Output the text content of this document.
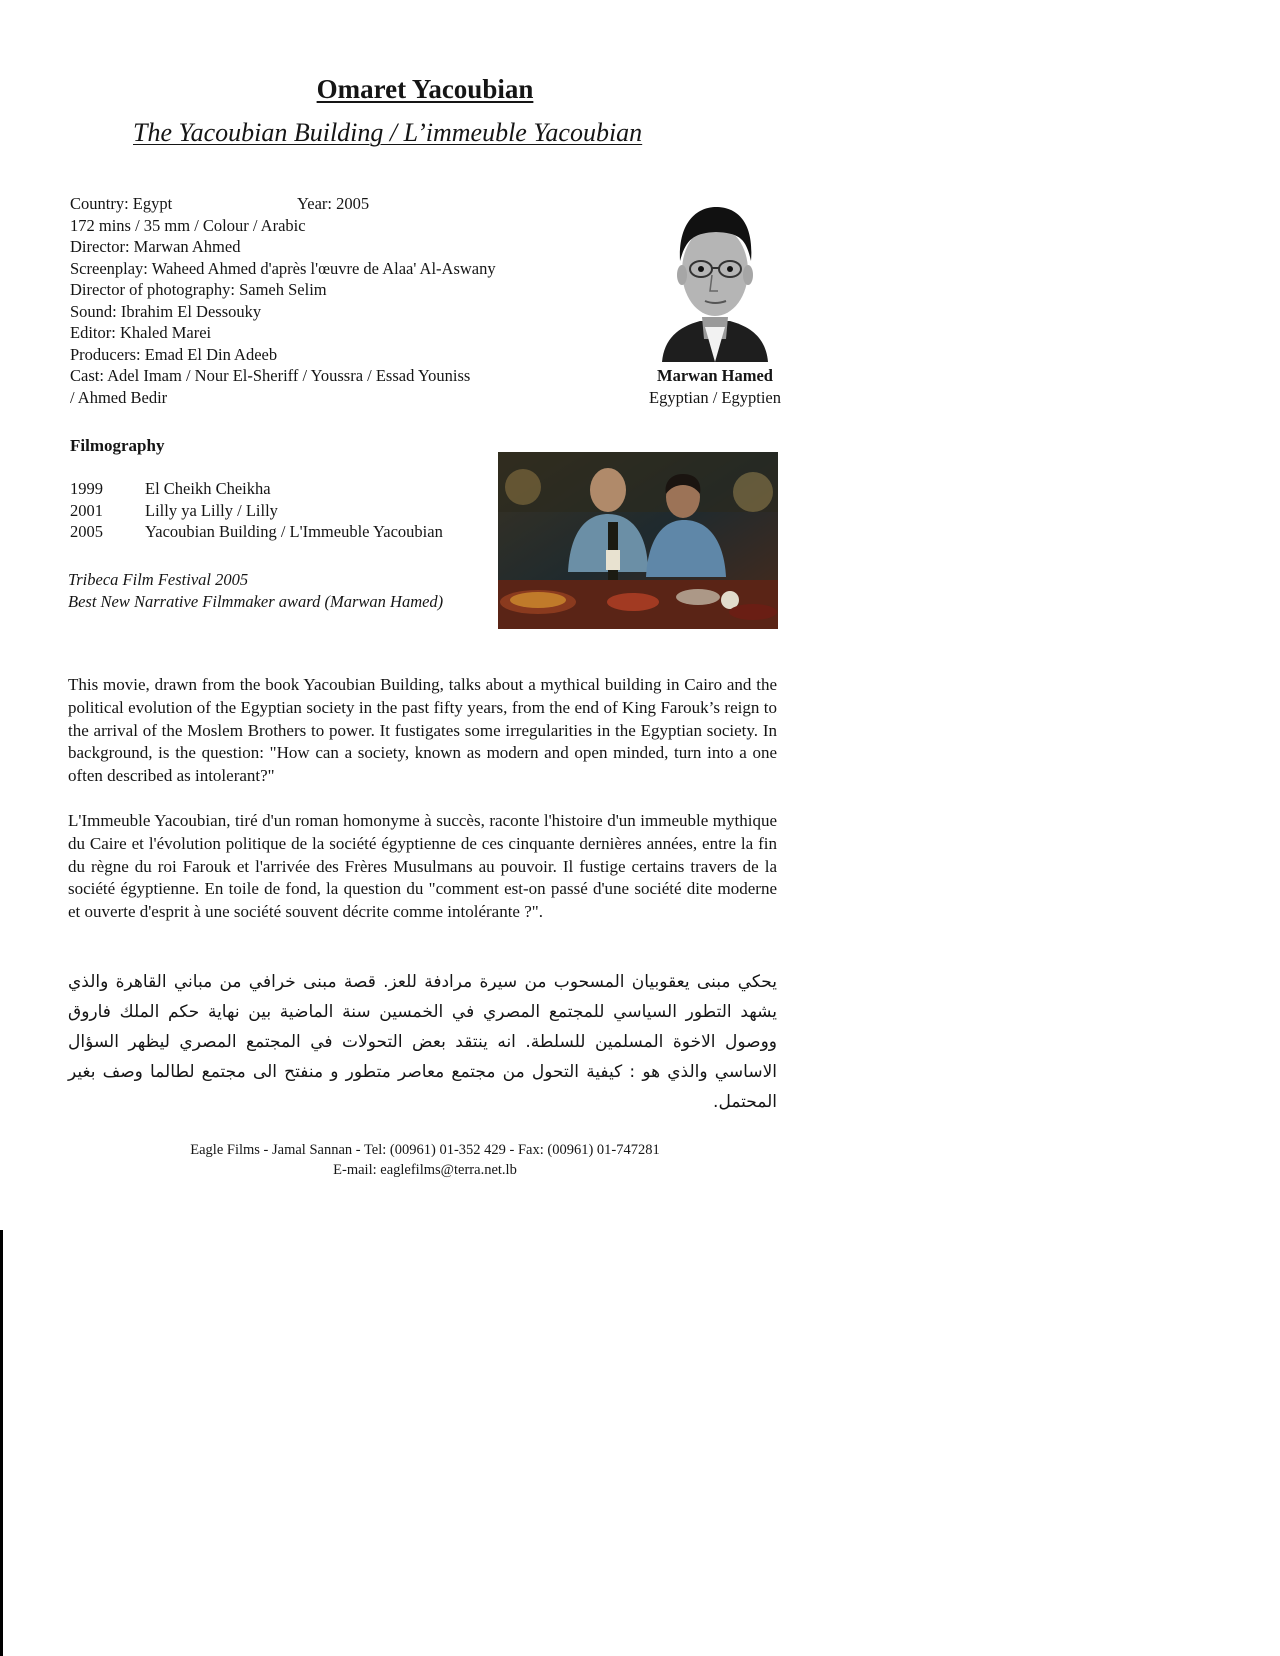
Omaret Yacoubian
The Yacoubian Building / L’immeuble Yacoubian
Country: Egypt	Year: 2005
172 mins / 35 mm / Colour / Arabic
Director: Marwan Ahmed
Screenplay: Waheed Ahmed d'après l'œuvre de Alaa' Al-Aswany
Director of photography: Sameh Selim
Sound: Ibrahim El Dessouky
Editor: Khaled Marei
Producers: Emad El Din Adeeb
Cast: Adel Imam / Nour El-Sheriff / Youssra / Essad Youniss
/ Ahmed Bedir
Marwan Hamed
Egyptian / Egyptien
Filmography
1999	El Cheikh Cheikha
2001	Lilly ya Lilly / Lilly
2005	Yacoubian Building / L'Immeuble Yacoubian
Tribeca Film Festival 2005
Best New Narrative Filmmaker award (Marwan Hamed)
This movie, drawn from the book Yacoubian Building, talks about a mythical building in Cairo and the political evolution of the Egyptian society in the past fifty years, from the end of King Farouk’s reign to the arrival of the Moslem Brothers to power. It fustigates some irregularities in the Egyptian society. In background, is the question: "How can a society, known as modern and open minded, turn into a one often described as intolerant?"
L'Immeuble Yacoubian, tiré d'un roman homonyme à succès, raconte l'histoire d'un immeuble mythique du Caire et l'évolution politique de la société égyptienne de ces cinquante dernières années, entre la fin du règne du roi Farouk et l'arrivée des Frères Musulmans au pouvoir. Il fustige certains travers de la société égyptienne. En toile de fond, la question du "comment est-on passé d'une société dite moderne et ouverte d'esprit à une société souvent décrite comme intolérante ?".
يحكي مبنى يعقوبيان المسحوب من سيرة مرادفة للعز. قصة مبنى خرافي من مباني القاهرة والذي يشهد التطور السياسي للمجتمع المصري في الخمسين سنة الماضية بين نهاية حكم الملك فاروق ووصول الاخوة المسلمين للسلطة. انه ينتقد بعض التحولات في المجتمع المصري ليظهر السؤال الاساسي والذي هو : كيفية التحول من مجتمع معاصر متطور و منفتح الى مجتمع لطالما وصف بغير المحتمل.
Eagle Films - Jamal Sannan - Tel: (00961) 01-352 429 - Fax: (00961) 01-747281
E-mail: eaglefilms@terra.net.lb
